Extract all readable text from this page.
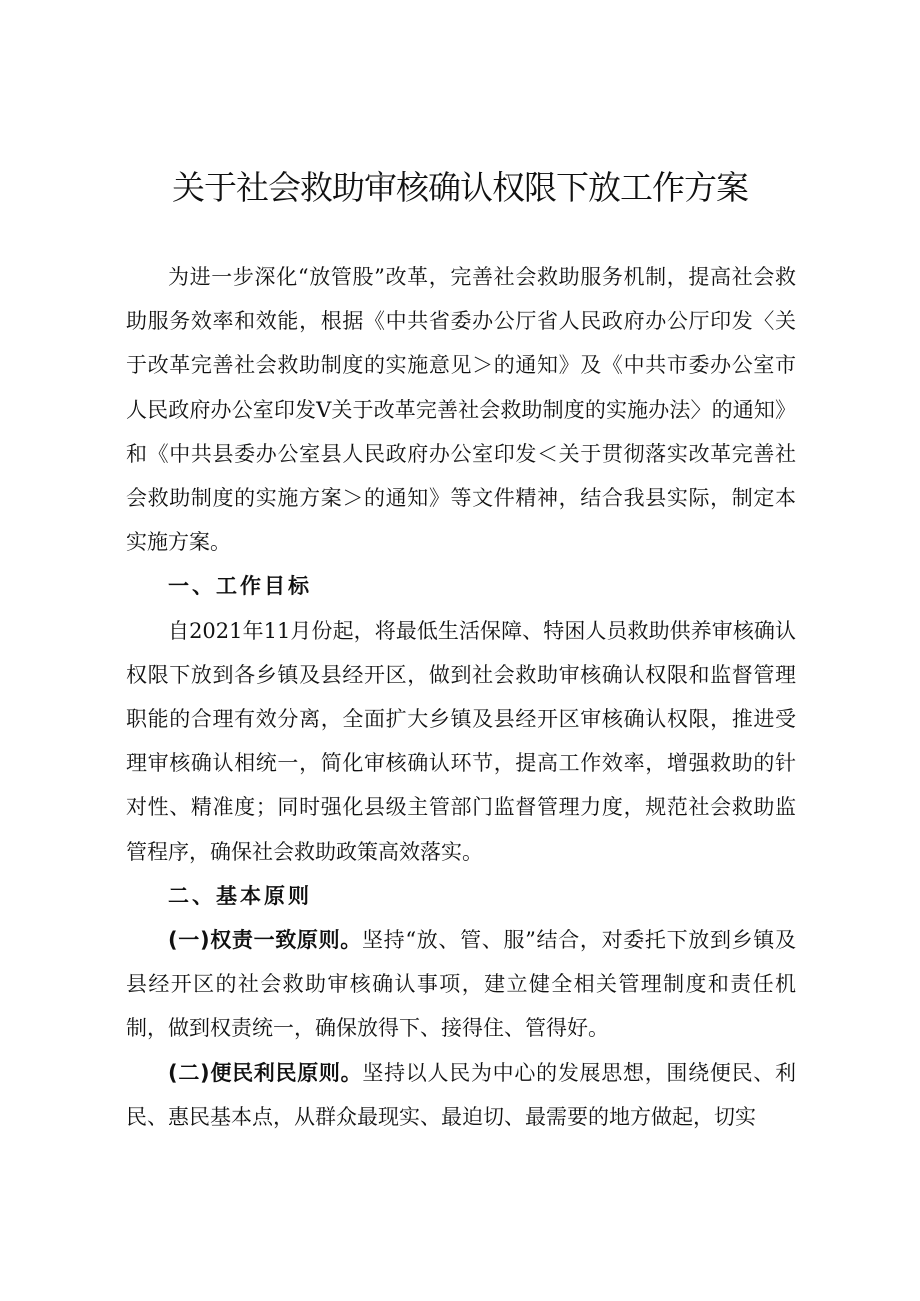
关于社会救助审核确认权限下放工作方案

为进一步深化“放管股”改革，完善社会救助服务机制，提高社会救助服务效率和效能，根据《中共省委办公厅省人民政府办公厅印发〈关于改革完善社会救助制度的实施意见＞的通知》及《中共市委办公室市人民政府办公室印发V关于改革完善社会救助制度的实施办法〉的通知》和《中共县委办公室县人民政府办公室印发＜关于贯彻落实改革完善社会救助制度的实施方案＞的通知》等文件精神，结合我县实际，制定本实施方案。

一、工作目标

自2021年11月份起，将最低生活保障、特困人员救助供养审核确认权限下放到各乡镇及县经开区，做到社会救助审核确认权限和监督管理职能的合理有效分离，全面扩大乡镇及县经开区审核确认权限，推进受理审核确认相统一，简化审核确认环节，提高工作效率，增强救助的针对性、精准度；同时强化县级主管部门监督管理力度，规范社会救助监管程序，确保社会救助政策高效落实。

二、基本原则

(一)权责一致原则。坚持“放、管、服”结合，对委托下放到乡镇及县经开区的社会救助审核确认事项，建立健全相关管理制度和责任机制，做到权责统一，确保放得下、接得住、管得好。

(二)便民利民原则。坚持以人民为中心的发展思想，围绕便民、利民、惠民基本点，从群众最现实、最迫切、最需要的地方做起，切实
